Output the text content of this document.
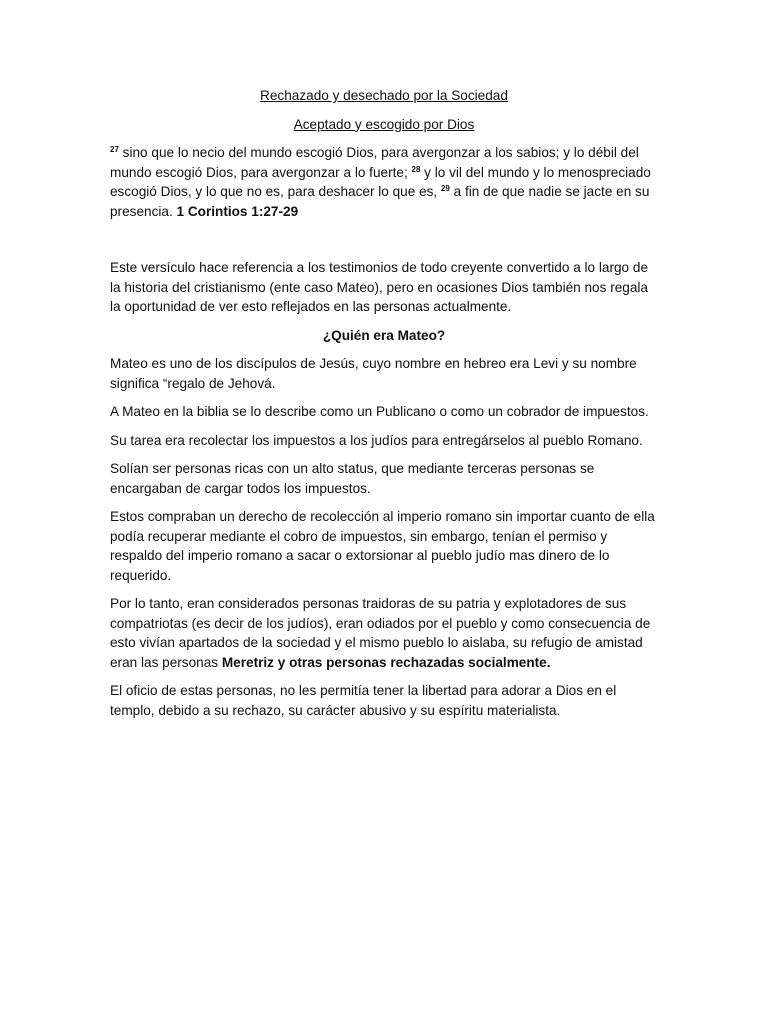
Rechazado y desechado por la Sociedad

Aceptado y escogido por Dios

$^{27}$ sino que lo necio del mundo escogió Dios, para avergonzar a los sabios; y lo débil del mundo escogió Dios, para avergonzar a lo fuerte; $^{28}$ y lo vil del mundo y lo menospreciado escogió Dios, y lo que no es, para deshacer lo que es, $^{29}$ a fin de que nadie se jacte en su presencia. 1 Corintios 1:27-29

Este versículo hace referencia a los testimonios de todo creyente convertido a lo largo de la historia del cristianismo (ente caso Mateo), pero en ocasiones Dios también nos regala la oportunidad de ver esto reflejados en las personas actualmente.

¿Quién era Mateo?

Mateo es uno de los discípulos de Jesús, cuyo nombre en hebreo era Levi y su nombre significa “regalo de Jehová.

A Mateo en la biblia se lo describe como un Publicano o como un cobrador de impuestos.

Su tarea era recolectar los impuestos a los judíos para entregárselos al pueblo Romano.

Solían ser personas ricas con un alto status, que mediante terceras personas se encargaban de cargar todos los impuestos.

Estos compraban un derecho de recolección al imperio romano sin importar cuanto de ella podía recuperar mediante el cobro de impuestos, sin embargo, tenían el permiso y respaldo del imperio romano a sacar o extorsionar al pueblo judío mas dinero de lo requerido.

Por lo tanto, eran considerados personas traidoras de su patria y explotadores de sus compatriotas (es decir de los judíos), eran odiados por el pueblo y como consecuencia de esto vivían apartados de la sociedad y el mismo pueblo lo aislaba, su refugio de amistad eran las personas Meretriz y otras personas rechazadas socialmente.

El oficio de estas personas, no les permitía tener la libertad para adorar a Dios en el templo, debido a su rechazo, su carácter abusivo y su espíritu materialista.
